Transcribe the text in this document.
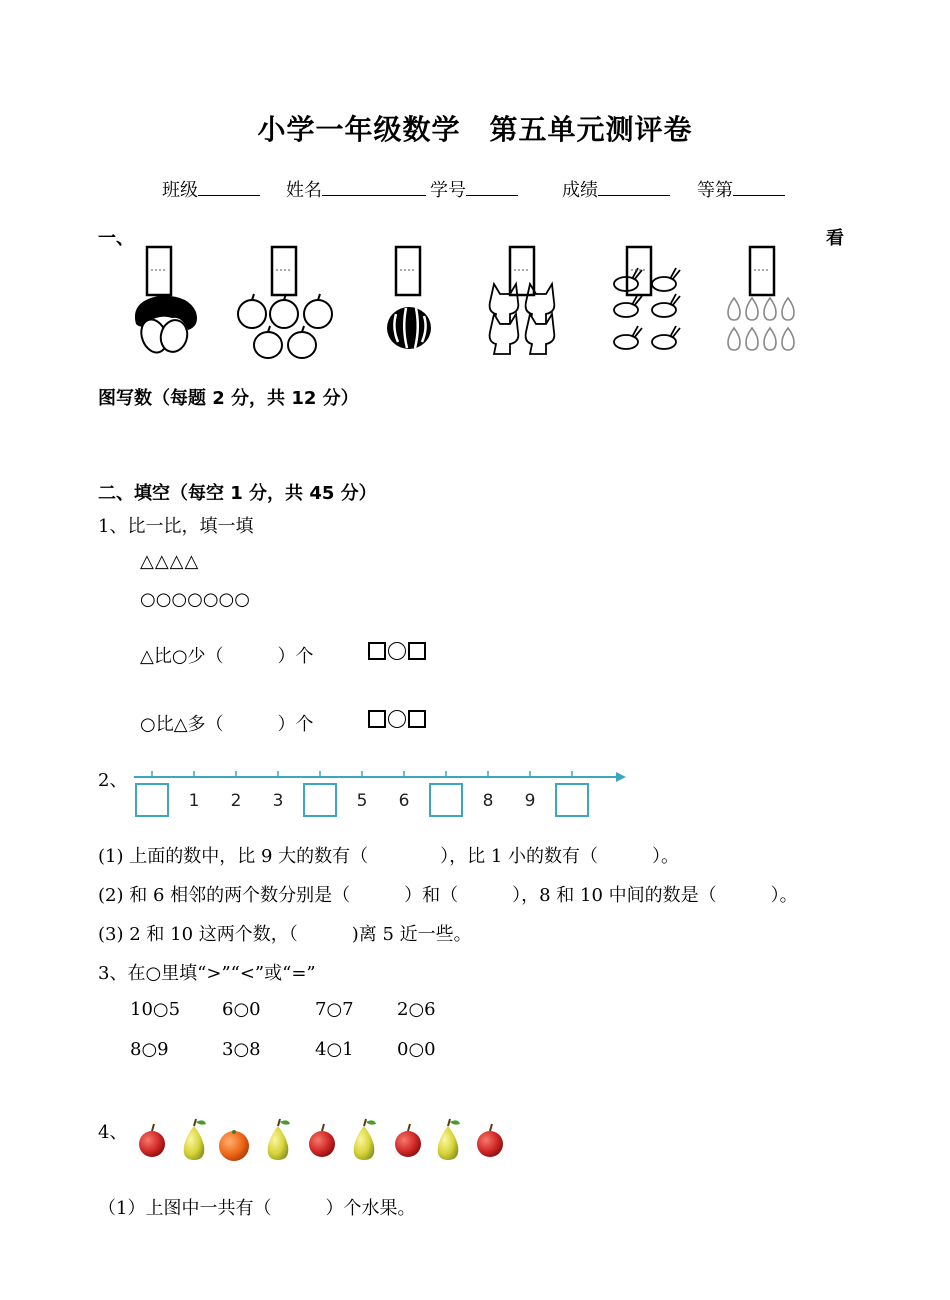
小学一年级数学　第五单元测评卷
班级	姓名	学号	成绩	等第
一、	看
图写数（每题 2 分，共 12 分）
二、填空（每空 1 分，共 45 分）
1、比一比，填一填
△△△△
○○○○○○○
△比○少（　　　）个
○比△多（　　　）个
2、
1 2 3	5 6	8 9
(1) 上面的数中，比 9 大的数有（　　　　），比 1 小的数有（　　　）。
(2) 和 6 相邻的两个数分别是（　　　）和（　　　），8 和 10 中间的数是（　　　）。
(3) 2 和 10 这两个数，（　　　)离 5 近一些。
3、在○里填“>”“<”或“=”
10○5 6○0	7○7 2○6
8○9	3○8	4○1 0○0
4、
（1）上图中一共有（　　　）个水果。
